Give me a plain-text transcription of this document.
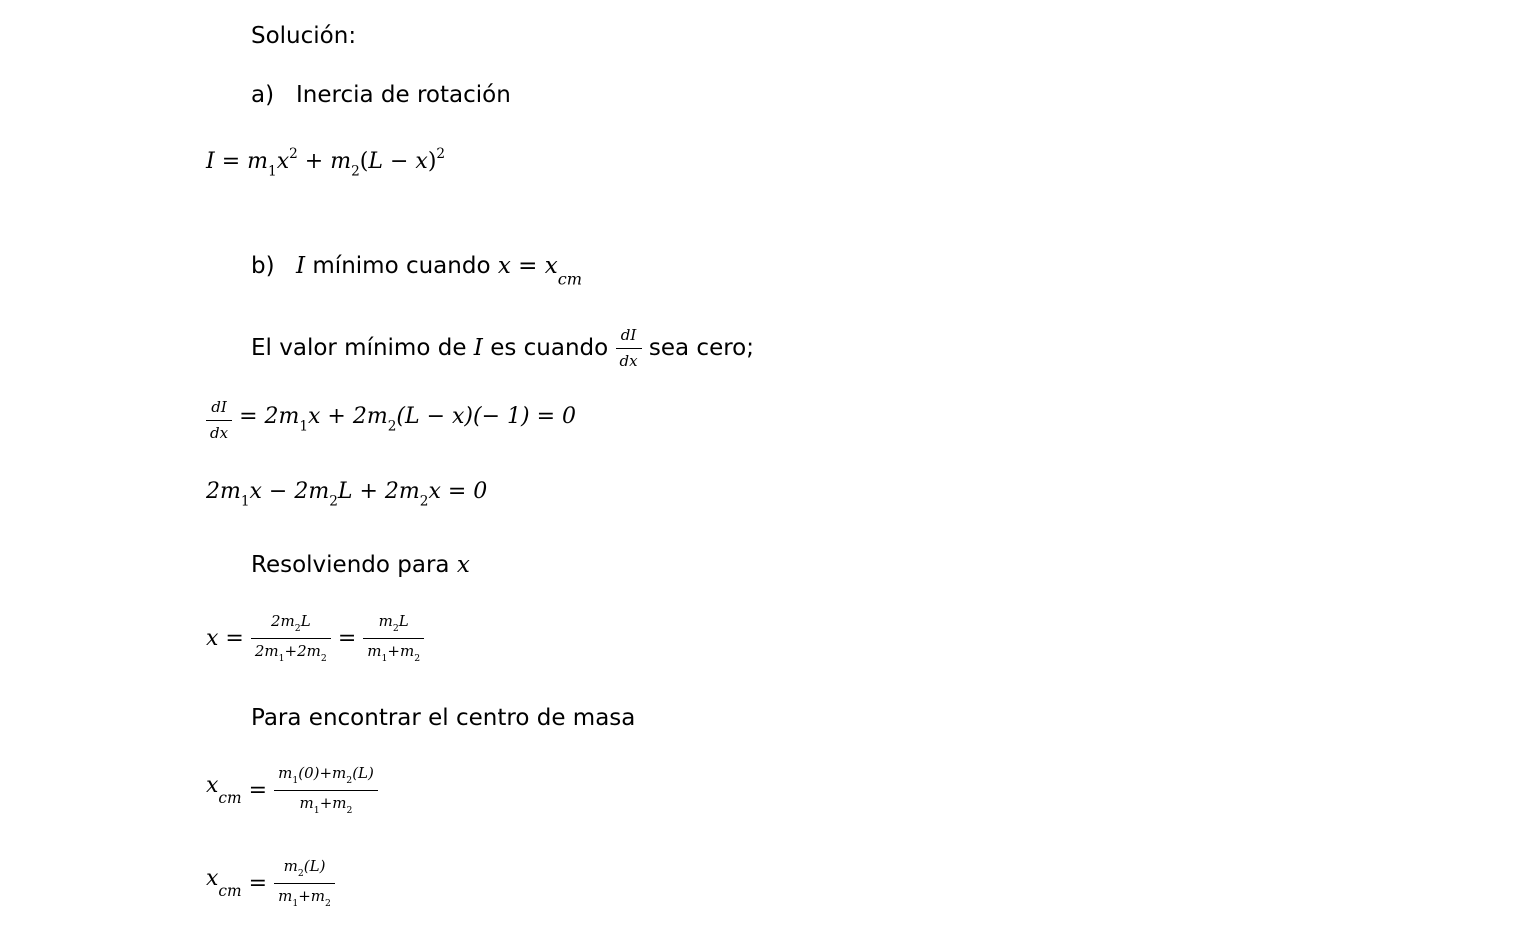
Solución:
a) Inercia de rotación
$I = m_1x^2 + m_2(L - x)^2$
b) I mínimo cuando $x = x_{cm}$
El valor mínimo de I es cuando $\frac{dI}{dx}$ sea cero;
$\frac{dI}{dx} = 2m_1x + 2m_2(L - x)(- 1) = 0$
$2m_1x - 2m_2L + 2m_2x = 0$
Resolviendo para x
$x = \frac{2m_2L}{2m_1+2m_2} = \frac{m_2L}{m_1+m_2}$
Para encontrar el centro de masa
$x_{cm} = \frac{m_1(0)+m_2(L)}{m_1+m_2}$
$x_{cm} = \frac{m_2(L)}{m_1+m_2}$
